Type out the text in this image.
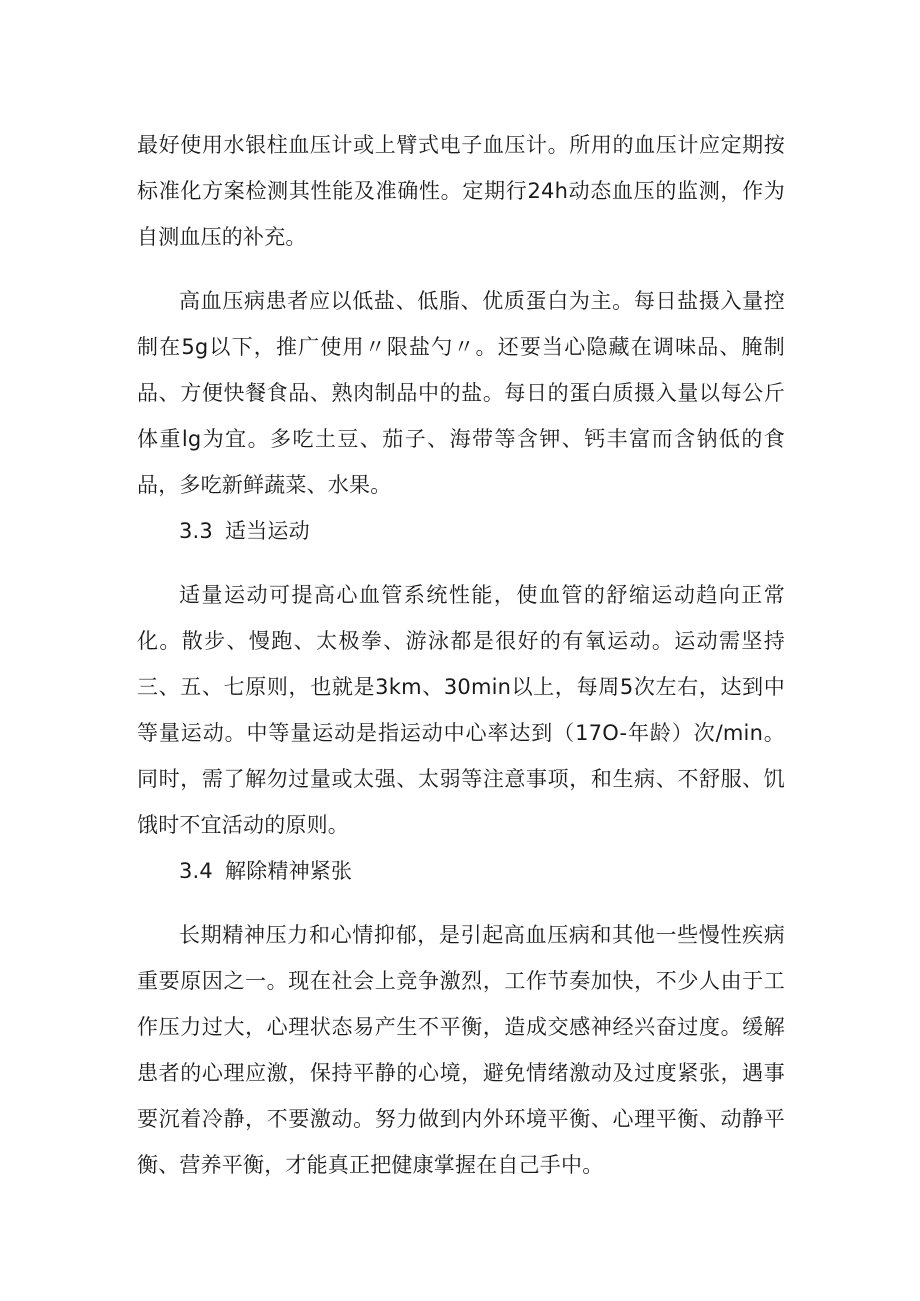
最好使用水银柱血压计或上臂式电子血压计。所用的血压计应定期按标准化方案检测其性能及准确性。定期行24h动态血压的监测，作为自测血压的补充。

高血压病患者应以低盐、低脂、优质蛋白为主。每日盐摄入量控制在5g以下，推广使用〃限盐勺〃。还要当心隐藏在调味品、腌制品、方便快餐食品、熟肉制品中的盐。每日的蛋白质摄入量以每公斤体重lg为宜。多吃土豆、茄子、海带等含钾、钙丰富而含钠低的食品，多吃新鲜蔬菜、水果。

3.3 适当运动

适量运动可提高心血管系统性能，使血管的舒缩运动趋向正常化。散步、慢跑、太极拳、游泳都是很好的有氧运动。运动需坚持三、五、七原则，也就是3km、30min以上，每周5次左右，达到中等量运动。中等量运动是指运动中心率达到（17O-年龄）次/min。同时，需了解勿过量或太强、太弱等注意事项，和生病、不舒服、饥饿时不宜活动的原则。

3.4 解除精神紧张

长期精神压力和心情抑郁，是引起高血压病和其他一些慢性疾病重要原因之一。现在社会上竞争激烈，工作节奏加快，不少人由于工作压力过大，心理状态易产生不平衡，造成交感神经兴奋过度。缓解患者的心理应激，保持平静的心境，避免情绪激动及过度紧张，遇事要沉着冷静，不要激动。努力做到内外环境平衡、心理平衡、动静平衡、营养平衡，才能真正把健康掌握在自己手中。
